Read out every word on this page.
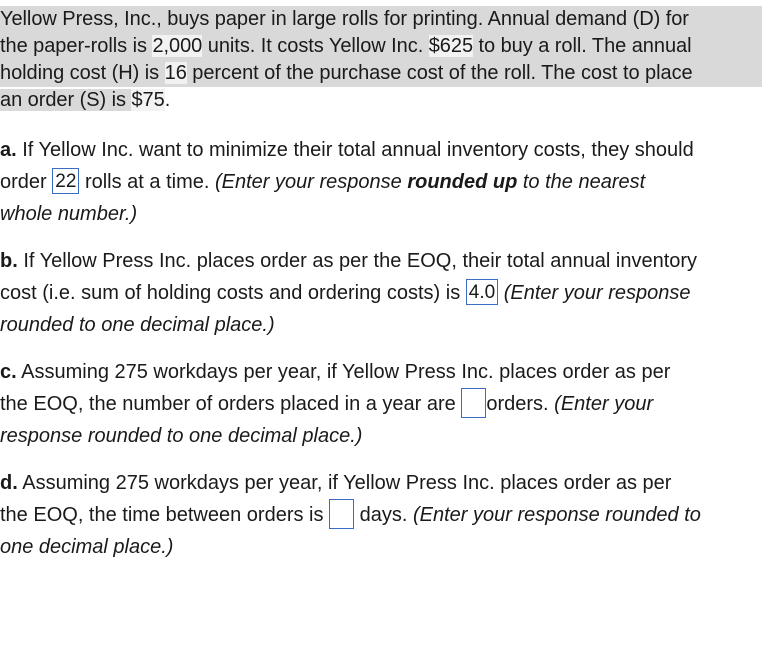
Yellow Press, Inc., buys paper in large rolls for printing. Annual demand (D) for
the paper-rolls is 2,000 units. It costs Yellow Inc. $625 to buy a roll. The annual
holding cost (H) is 16 percent of the purchase cost of the roll. The cost to place
an order (S) is $75.
a. If Yellow Inc. want to minimize their total annual inventory costs, they should
order 22 rolls at a time. (Enter your response rounded up to the nearest
whole number.)
b. If Yellow Press Inc. places order as per the EOQ, their total annual inventory
cost (i.e. sum of holding costs and ordering costs) is 4.0 (Enter your response
rounded to one decimal place.)
c. Assuming 275 workdays per year, if Yellow Press Inc. places order as per
the EOQ, the number of orders placed in a year are orders. (Enter your
response rounded to one decimal place.)
d. Assuming 275 workdays per year, if Yellow Press Inc. places order as per
the EOQ, the time between orders is  days. (Enter your response rounded to
one decimal place.)
